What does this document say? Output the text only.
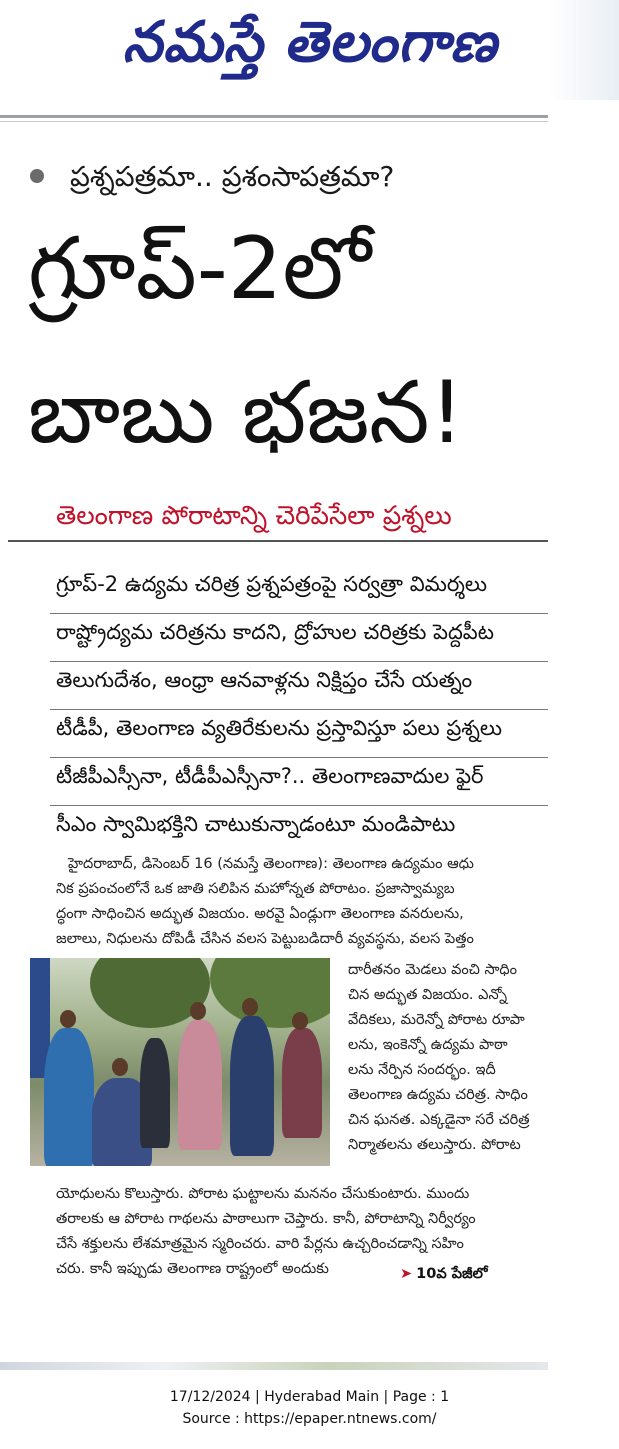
నమస్తే తెలంగాణ
ప్రశ్నపత్రమా.. ప్రశంసాపత్రమా?
గ్రూప్‌-2లో
బాబు భజన!
తెలంగాణ పోరాటాన్ని చెరిపేసేలా ప్రశ్నలు
గ్రూప్‌-2 ఉద్యమ చరిత్ర ప్రశ్నపత్రంపై సర్వత్రా విమర్శలు
రాష్ట్రోద్యమ చరిత్రను కాదని, ద్రోహుల చరిత్రకు పెద్దపీట
తెలుగుదేశం, ఆంధ్రా ఆనవాళ్లను నిక్షిప్తం చేసే యత్నం
టీడీపీ, తెలంగాణ వ్యతిరేకులను ప్రస్తావిస్తూ పలు ప్రశ్నలు
టీజీపీఎస్సీనా, టీడీపీఎస్సీనా?.. తెలంగాణవాదుల ఫైర్‌
సీఎం స్వామిభక్తిని చాటుకున్నాడంటూ మండిపాటు
హైదరాబాద్‌, డిసెంబర్‌ 16 (నమస్తే తెలంగాణ): తెలంగాణ ఉద్యమం ఆధు
నిక ప్రపంచంలోనే ఒక జాతి సలిపిన మహోన్నత పోరాటం. ప్రజాస్వామ్యబ
ద్ధంగా సాధించిన అద్భుత విజయం. అరవై ఏండ్లుగా తెలంగాణ వనరులను,
జలాలు, నిధులను దోపిడీ చేసిన వలస పెట్టుబడిదారీ వ్యవస్థను, వలస పెత్తం
దారీతనం మెడలు వంచి సాధిం
చిన అద్భుత విజయం. ఎన్నో
వేదికలు, మరెన్నో పోరాట రూపా
లను, ఇంకెన్నో ఉద్యమ పాఠా
లను నేర్పిన సందర్భం. ఇదీ
తెలంగాణ ఉద్యమ చరిత్ర. సాధిం
చిన ఘనత. ఎక్కడైనా సరే చరిత్ర
నిర్మాతలను తలుస్తారు. పోరాట
యోధులను కొలుస్తారు. పోరాట ఘట్టాలను మననం చేసుకుంటారు. ముందు
తరాలకు ఆ పోరాట గాథలను పాఠాలుగా చెప్తారు. కానీ, పోరాటాన్ని నిర్వీర్యం
చేసే శక్తులను లేశమాత్రమైన స్మరించరు. వారి పేర్లను ఉచ్చరించడాన్ని సహిం
చరు. కానీ ఇప్పుడు తెలంగాణ రాష్ట్రంలో అందుకు	➤ 10వ పేజీలో
17/12/2024 | Hyderabad Main | Page : 1
Source : https://epaper.ntnews.com/
